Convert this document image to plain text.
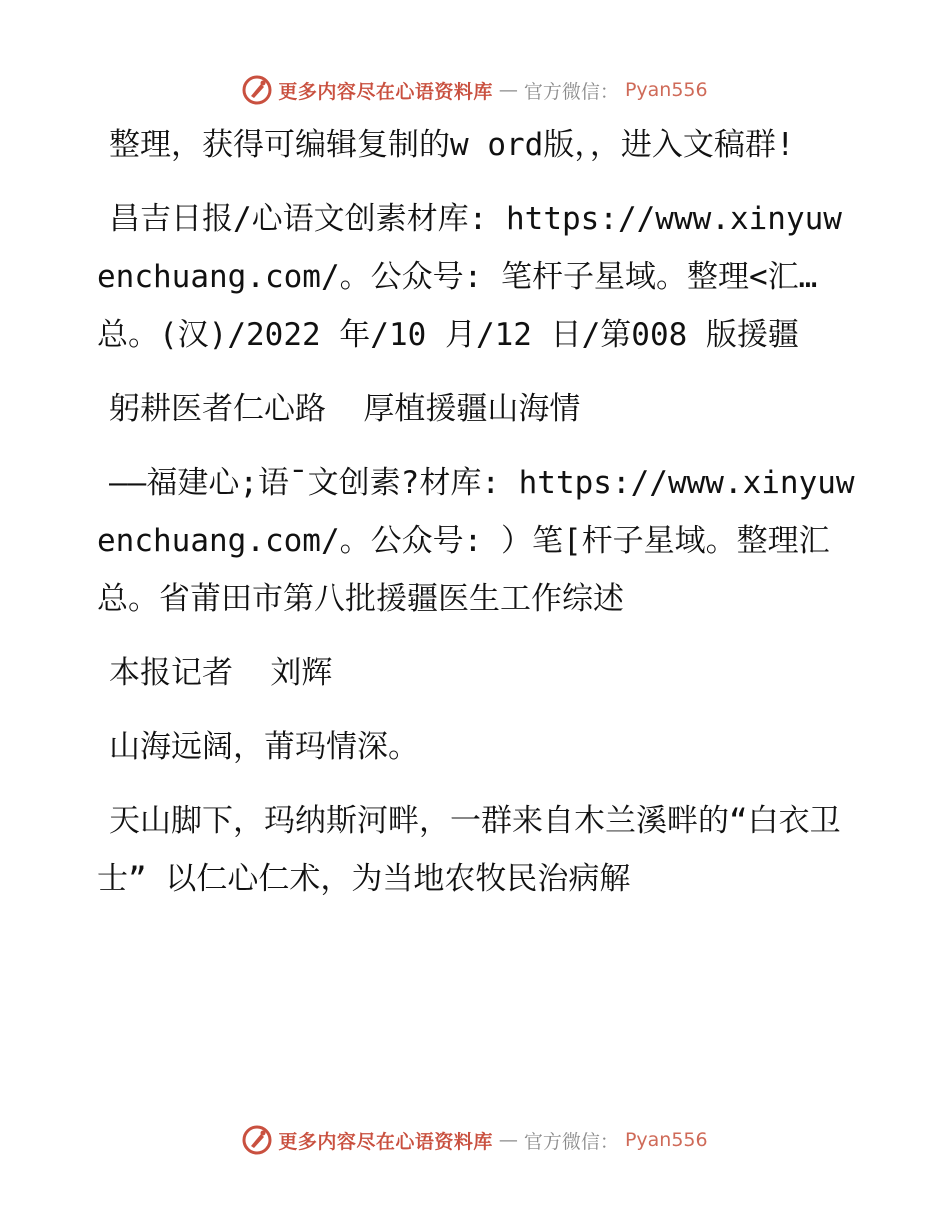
更多内容尽在心语资料库 — 官方微信： Pyan556

整理，获得可编辑复制的w ord版，，进入文稿群!

昌吉日报/心语文创素材库: https://www.xinyuwenchuang.com/。公众号: 笔杆子星域。整理<汇…总。(汉)/2022 年/10 月/12 日/第008 版援疆

躬耕医者仁心路  厚植援疆山海情

——福建心;语¯文创素?材库: https://www.xinyuwenchuang.com/。公众号: ）笔[杆子星域。整理汇总。省莆田市第八批援疆医生工作综述

本报记者  刘辉

山海远阔，莆玛情深。

天山脚下，玛纳斯河畔，一群来自木兰溪畔的“白衣卫士” 以仁心仁术，为当地农牧民治病解

更多内容尽在心语资料库 — 官方微信： Pyan556
